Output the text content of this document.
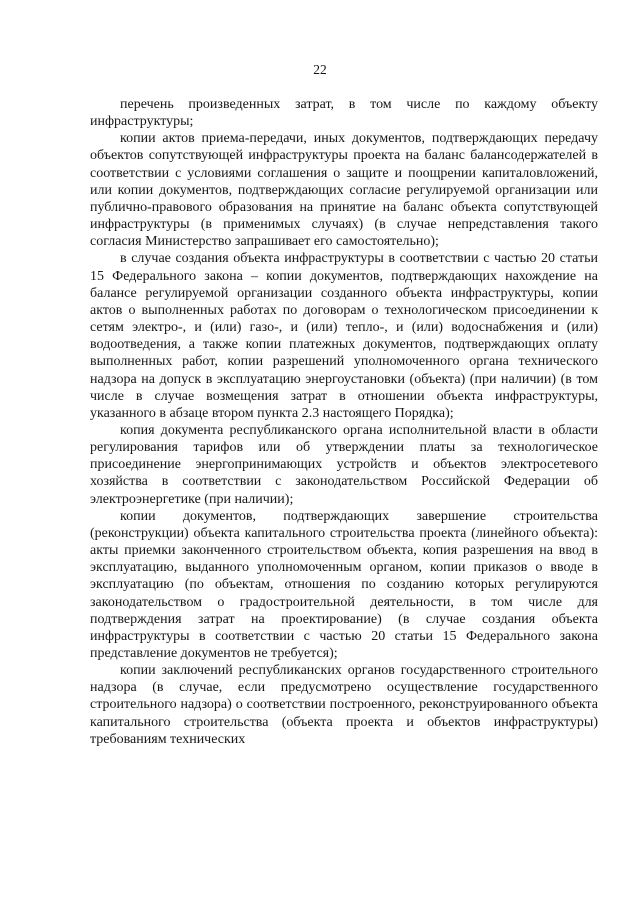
22

перечень произведенных затрат, в том числе по каждому объекту инфраструктуры;

копии актов приема-передачи, иных документов, подтверждающих передачу объектов сопутствующей инфраструктуры проекта на баланс балансодержателей в соответствии с условиями соглашения о защите и поощрении капиталовложений, или копии документов, подтверждающих согласие регулируемой организации или публично-правового образования на принятие на баланс объекта сопутствующей инфраструктуры (в применимых случаях) (в случае непредставления такого согласия Министерство запрашивает его самостоятельно);

в случае создания объекта инфраструктуры в соответствии с частью 20 статьи 15 Федерального закона – копии документов, подтверждающих нахождение на балансе регулируемой организации созданного объекта инфраструктуры, копии актов о выполненных работах по договорам о технологическом присоединении к сетям электро-, и (или) газо-, и (или) тепло-, и (или) водоснабжения и (или) водоотведения, а также копии платежных документов, подтверждающих оплату выполненных работ, копии разрешений уполномоченного органа технического надзора на допуск в эксплуатацию энергоустановки (объекта) (при наличии) (в том числе в случае возмещения затрат в отношении объекта инфраструктуры, указанного в абзаце втором пункта 2.3 настоящего Порядка);

копия документа республиканского органа исполнительной власти в области регулирования тарифов или об утверждении платы за технологическое присоединение энергопринимающих устройств и объектов электросетевого хозяйства в соответствии с законодательством Российской Федерации об электроэнергетике (при наличии);

копии документов, подтверждающих завершение строительства (реконструкции) объекта капитального строительства проекта (линейного объекта): акты приемки законченного строительством объекта, копия разрешения на ввод в эксплуатацию, выданного уполномоченным органом, копии приказов о вводе в эксплуатацию (по объектам, отношения по созданию которых регулируются законодательством о градостроительной деятельности, в том числе для подтверждения затрат на проектирование) (в случае создания объекта инфраструктуры в соответствии с частью 20 статьи 15 Федерального закона представление документов не требуется);

копии заключений республиканских органов государственного строительного надзора (в случае, если предусмотрено осуществление государственного строительного надзора) о соответствии построенного, реконструированного объекта капитального строительства (объекта проекта и объектов инфраструктуры) требованиям технических
